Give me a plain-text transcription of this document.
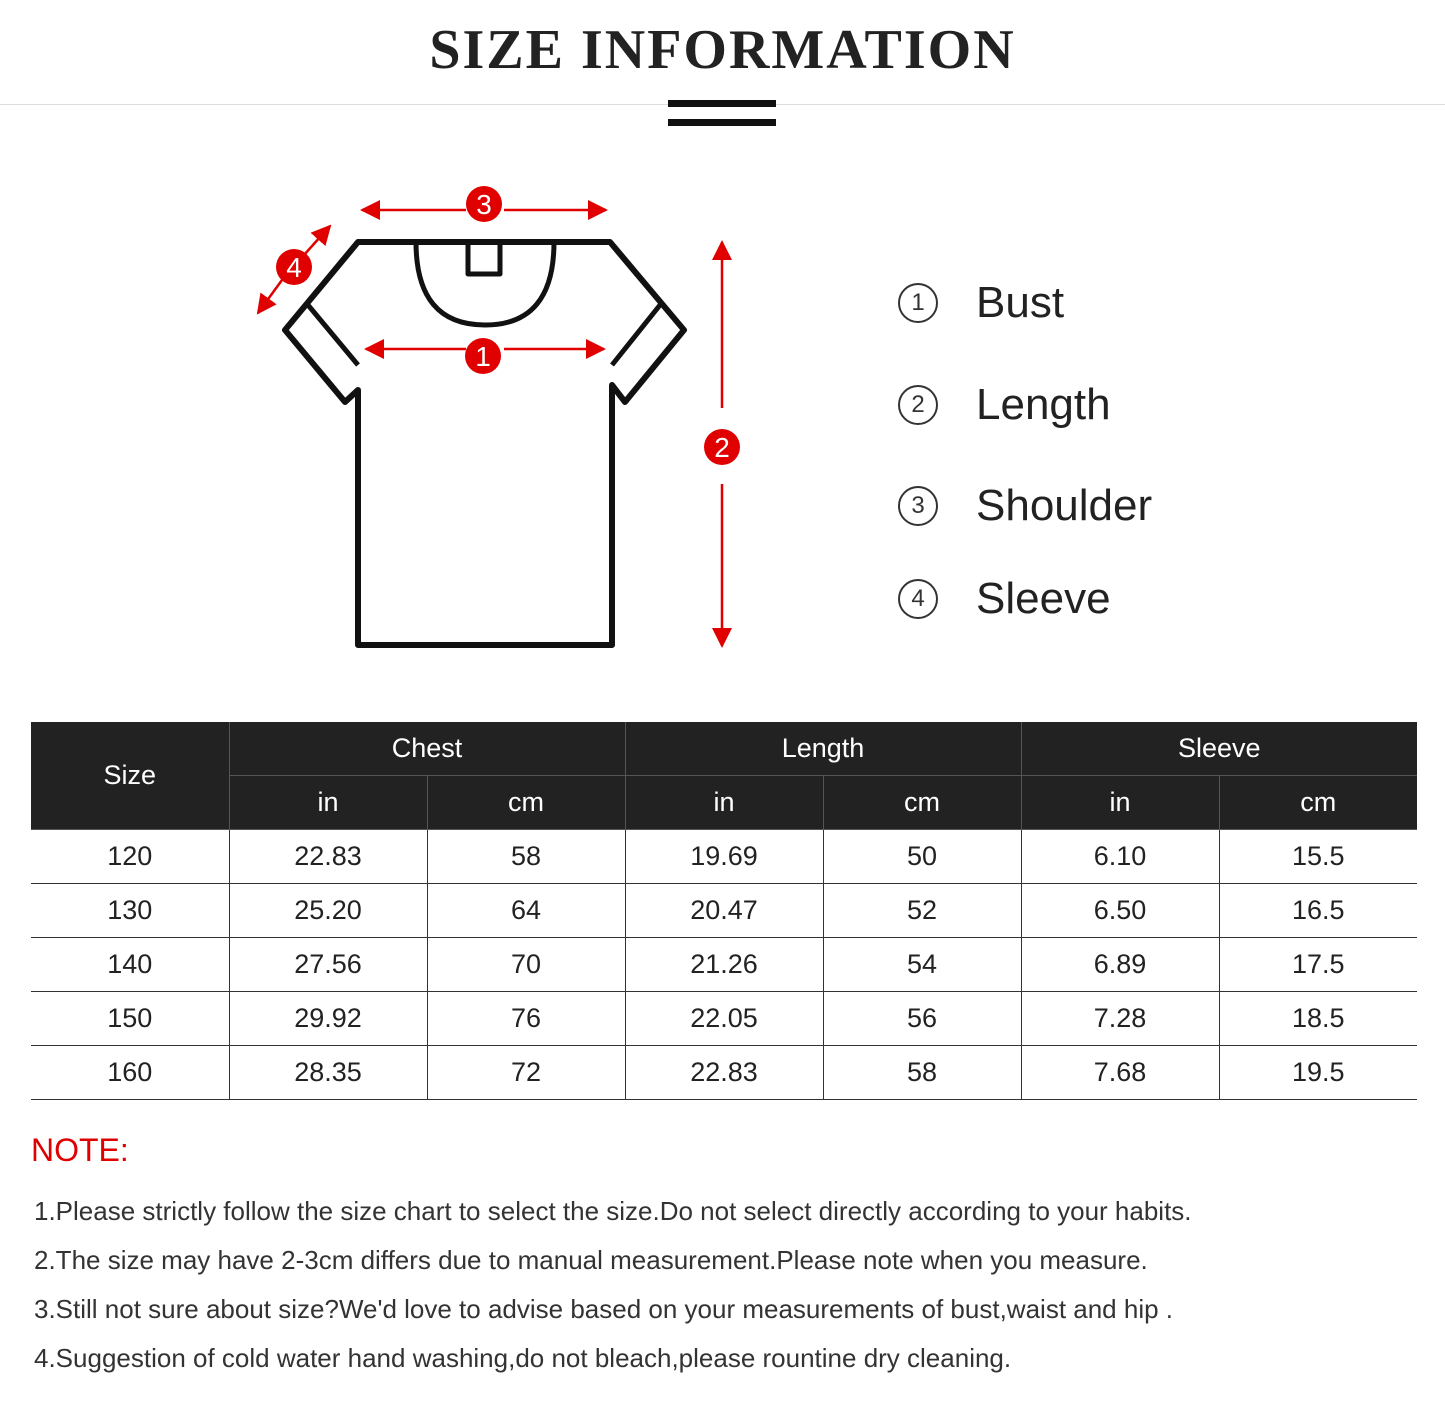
SIZE INFORMATION
1
3
2
4
1	Bust
2	Length
3	Shoulder
4	Sleeve
Size	Chest		Length		Sleeve	
	in	cm	in	cm	in	cm
120	22.83	58	19.69	50	6.10	15.5
130	25.20	64	20.47	52	6.50	16.5
140	27.56	70	21.26	54	6.89	17.5
150	29.92	76	22.05	56	7.28	18.5
160	28.35	72	22.83	58	7.68	19.5
NOTE:
1.Please strictly follow the size chart to select the size.Do not select directly according to your habits.
2.The size may have 2-3cm differs due to manual measurement.Please note when you measure.
3.Still not sure about size?We'd love to advise based on your measurements of bust,waist and hip .
4.Suggestion of cold water hand washing,do not bleach,please rountine dry cleaning.
